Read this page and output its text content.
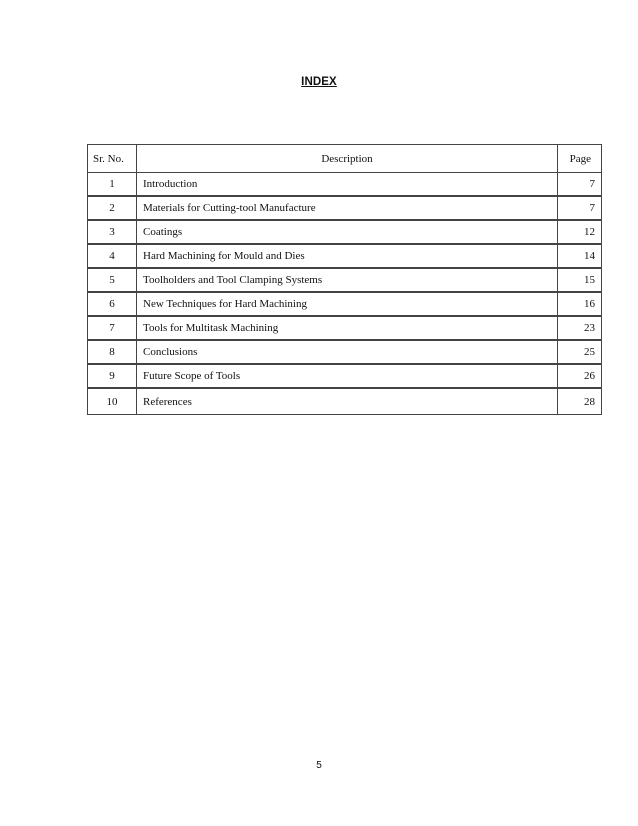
INDEX
Sr. No.	Description	Page
1	Introduction	7
2	Materials for Cutting-tool Manufacture	7
3	Coatings	12
4	Hard Machining for Mould and Dies	14
5	Toolholders and Tool Clamping Systems	15
6	New Techniques for Hard Machining	16
7	Tools for Multitask Machining	23
8	Conclusions	25
9	Future Scope of Tools	26
10	References	28
5
